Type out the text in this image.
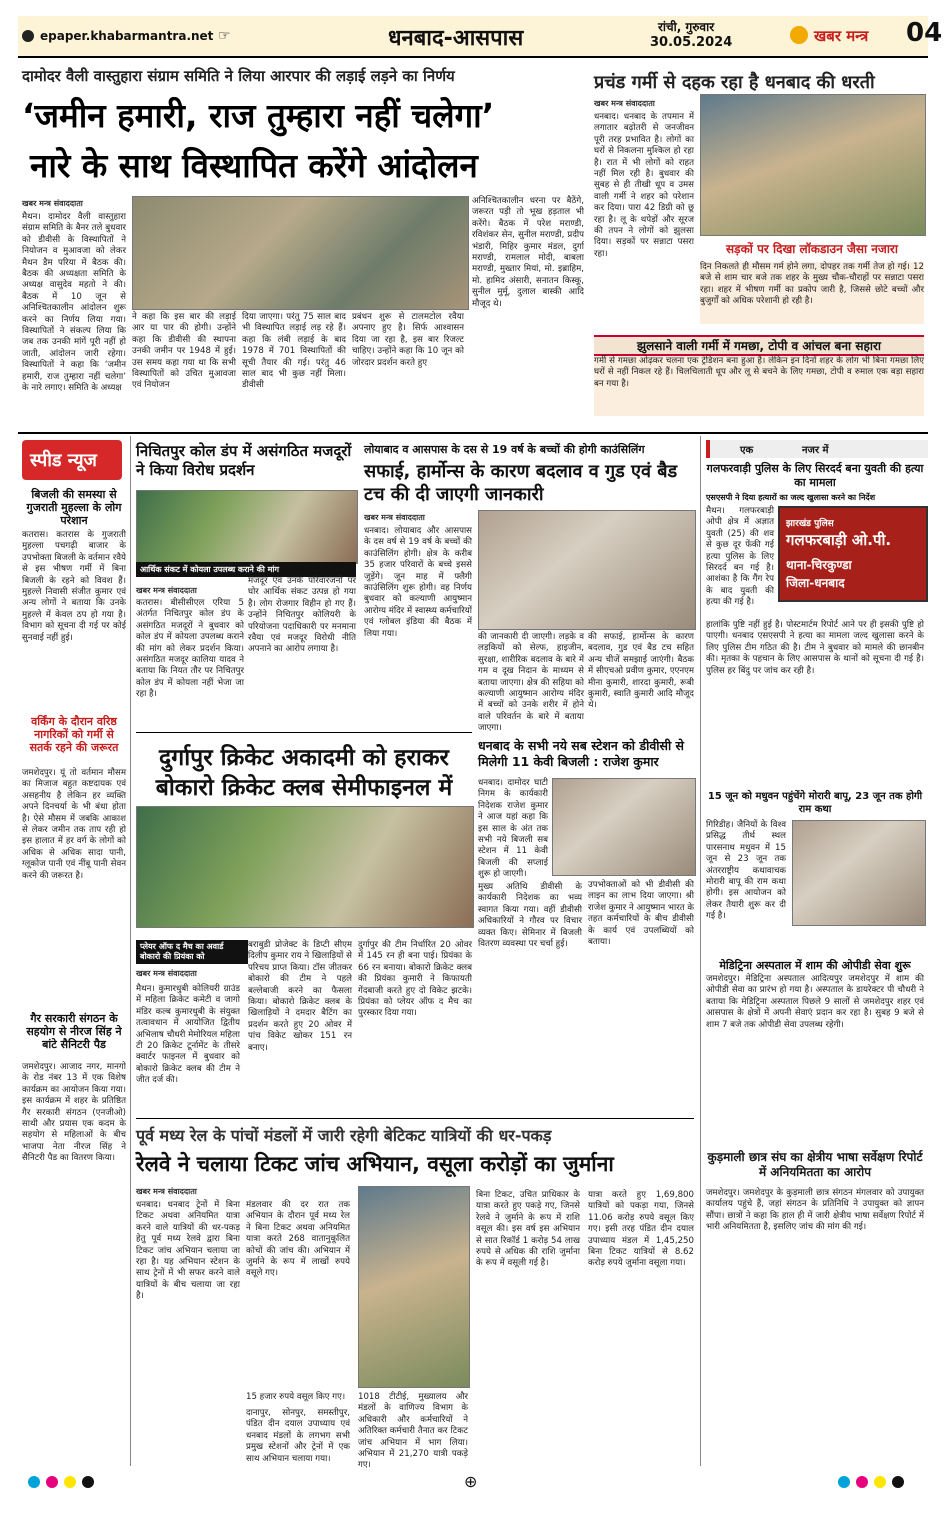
epaper.khabarmantra.net ☞	धनबाद-आसपास	रांची, गुरुवार
30.05.2024	खबर मन्त्र 04
दामोदर वैली वास्तुहारा संग्राम समिति ने लिया आरपार की लड़ाई लड़ने का निर्णय
‘जमीन हमारी, राज तुम्हारा नहीं चलेगा’
नारे के साथ विस्थापित करेंगे आंदोलन
खबर मन्त्र संवाददाता
मैथन। दामोदर वैली वास्तुहारा संग्राम समिति के बैनर तले बुधवार को डीवीसी के विस्थापितों ने नियोजन व मुआवजा को लेकर मैथन डैम परिया में बैठक की। बैठक की अध्यक्षता समिति के अध्यक्ष वासुदेव महतो ने की। बैठक में 10 जून से अनिश्चितकालीन आंदोलन शुरू करने का निर्णय लिया गया। विस्थापितों ने संकल्प लिया कि जब तक उनकी मांगें पूरी नहीं हो जाती, आंदोलन जारी रहेगा। विस्थापितों ने कहा कि ‘जमीन हमारी, राज तुम्हारा नहीं चलेगा’ के नारे लगाए। समिति के अध्यक्ष
ने कहा कि इस बार की लड़ाई आर या पार की होगी। उन्होंने कहा कि डीवीसी की स्थापना उनकी जमीन पर 1948 में हुई। उस समय कहा गया था कि सभी विस्थापितों को उचित मुआवजा एवं नियोजन
दिया जाएगा। परंतु 75 साल बाद भी विस्थापित लड़ाई लड़ रहे हैं। कहा कि लंबी लड़ाई के बाद 1978 में 701 विस्थापितों की सूची तैयार की गई। परंतु 46 साल बाद भी कुछ नहीं मिला। डीवीसी
प्रबंधन शुरू से टालमटोल रवैया अपनाए हुए है। सिर्फ आश्वासन दिया जा रहा है, इस बार रिजल्ट चाहिए। उन्होंने कहा कि 10 जून को जोरदार प्रदर्शन करते हुए
अनिश्चितकालीन धरना पर बैठेंगे, जरूरत पड़ी तो भूख हड़ताल भी करेंगे। बैठक में परेश मराण्डी, रविशंकर सेन, सुनील मराण्डी, प्रदीप भंडारी, मिहिर कुमार मंडल, दुर्गा मराण्डी, रामलाल मोदी, बाबला मराण्डी, मुख्तार मियां, मो. इब्राहिम, मो. हामिद अंसारी, सनातन किस्कू, सुनील मुर्मू, दुलाल बास्की आदि मौजूद थे।
प्रचंड गर्मी से दहक रहा है धनबाद की धरती
खबर मन्त्र संवाददाता
धनबाद। धनबाद के तपमान में लगातार बढ़ोतरी से जनजीवन पूरी तरह प्रभावित है। लोगों का घरों से निकलना मुश्किल हो रहा है। रात में भी लोगों को राहत नहीं मिल रही है। बुधवार की सुबह से ही तीखी धूप व उमस वाली गर्मी ने शहर को परेशान कर दिया। पारा 42 डिग्री को छू रहा है। लू के थपेड़ों और सूरज की तपन ने लोगों को झुलसा दिया। सड़कों पर सन्नाटा पसरा रहा।	सड़कों पर दिखा लॉकडाउन जैसा नजारा
दिन निकलते ही मौसम गर्म होने लगा, दोपहर तक गर्मी तेज हो गई। 12 बजे से शाम चार बजे तक शहर के मुख्य चौक-चौराहों पर सन्नाटा पसरा रहा। शहर में भीषण गर्मी का प्रकोप जारी है, जिससे छोटे बच्चों और बुजुर्गों को अधिक परेशानी हो रही है।
झुलसाने वाली गर्मी में गमछा, टोपी व आंचल बना सहारा
गर्मी से गमछा ओढ़कर चलना एक ट्रेडिशन बना हुआ है। लेकिन इन दिनों शहर के लोग भी बिना गमछा लिए घरों से नहीं निकल रहे हैं। चिलचिलाती धूप और लू से बचने के लिए गमछा, टोपी व रुमाल एक बड़ा सहारा बन गया है।
स्पीड न्यूज
बिजली की समस्या से गुजराती मुहल्ला के लोग परेशान
कतरास। कतरास के गुजराती मुहल्ला पचगढ़ी बाजार के उपभोक्ता बिजली के वर्तमान रवैये से इस भीषण गर्मी में बिना बिजली के रहने को विवश हैं। मुहल्ले निवासी संजीत कुमार एवं अन्य लोगों ने बताया कि उनके मुहल्ले में केवल ठप हो गया है। विभाग को सूचना दी गई पर कोई सुनवाई नहीं हुई।
वर्किंग के दौरान वरिष्ठ नागरिकों को गर्मी से सतर्क रहने की जरूरत
जमशेदपुर। यूं तो वर्तमान मौसम का मिजाज बहुत कष्टदायक एवं असहनीय है लेकिन हर व्यक्ति अपने दिनचर्या के भी बंधा होता है। ऐसे मौसम में जबकि आकाश से लेकर जमीन तक ताप रही हो इस हालात में हर वर्ग के लोगों को अधिक से अधिक सादा पानी, ग्लूकोज पानी एवं नींबू पानी सेवन करने की जरूरत है।
गैर सरकारी संगठन के सहयोग से नीरज सिंह ने बांटे सैनिटरी पैड
जमशेदपुर। आजाद नगर, मानगो के रोड नंबर 13 में एक विशेष कार्यक्रम का आयोजन किया गया। इस कार्यक्रम में शहर के प्रतिष्ठित गैर सरकारी संगठन (एनजीओ) साथी और प्रयास एक कदम के सहयोग से महिलाओं के बीच भाजपा नेता नीरज सिंह ने सैनिटरी पैड का वितरण किया।
निचितपुर कोल डंप में असंगठित मजदूरों ने किया विरोध प्रदर्शन
आर्थिक संकट में कोयला उपलब्ध कराने की मांग
खबर मन्त्र संवाददाता
कतरास। बीसीसीएल एरिया 5 अंतर्गत निचितपुर कोल डंप के असंगठित मजदूरों ने बुधवार को कोल डंप में कोयला उपलब्ध कराने की मांग को लेकर प्रदर्शन किया। असंगठित मजदूर कालिया यादव ने बताया कि नियत तौर पर निचितपुर कोल डंप में कोयला नहीं भेजा जा रहा है।
मजदूर एवं उनके परिवारजनों पर घोर आर्थिक संकट उत्पन्न हो गया है। लोग रोजगार विहीन हो गए हैं। उन्होंने निचितपुर कोलियरी के परियोजना पदाधिकारी पर मनमाना रवैया एवं मजदूर विरोधी नीति अपनाने का आरोप लगाया है।
लोयाबाद व आसपास के दस से 19 वर्ष के बच्चों की होगी काउंसिलिंग
सफाई, हार्मोन्स के कारण बदलाव व गुड एवं बैड टच की दी जाएगी जानकारी
खबर मन्त्र संवाददाता
धनबाद। लोयाबाद और आसपास के दस वर्ष से 19 वर्ष के बच्चों की काउंसिलिंग होगी। क्षेत्र के करीब 35 हजार परिवारों के बच्चे इससे जुड़ेंगे। जून माह में फ्लैगी काउंसिलिंग शुरू होगी। वह निर्णय बुधवार को कल्याणी आयुष्मान आरोग्य मंदिर में स्वास्थ्य कर्मचारियों एवं ग्लोबल इंडिया की बैठक में लिया गया।	की जानकारी दी जाएगी। लड़के व लड़कियों को सेल्फ, हाइजीन, सुरक्षा, शारीरिक बदलाव के बारे में गम व दूख निदान के माध्यम से बताया जाएगा। क्षेत्र की सहिया को कल्याणी आयुष्मान आरोग्य मंदिर में बच्चों को उनके शरीर में होने वाले परिवर्तन के बारे में बताया जाएगा।
की सफाई, हार्मोन्स के कारण बदलाव, गुड एवं बैड टच सहित अन्य चीजें समझाई जाएंगी। बैठक में सीएचओ प्रवीण कुमार, एएनएम मीना कुमारी, शारदा कुमारी, रूबी कुमारी, स्वाति कुमारी आदि मौजूद थे।
एक	नजर में
गलफरवाड़ी पुलिस के लिए सिरदर्द बना युवती की हत्या का मामला
एसएसपी ने दिया हत्यारों का जल्द खुलासा करने का निर्देश
मैथन। गलफरबाड़ी ओपी क्षेत्र में अज्ञात युवती (25) की शव से कुछ दूर फेंकी गई हत्या पुलिस के लिए सिरदर्द बन गई है। आशंका है कि गैंग रेप के बाद युवती की हत्या की गई है।
झारखंड पुलिस
गलफरबाड़ी ओ.पी.
थाना-चिरकुण्डा
जिला-धनबाद
हालांकि पुष्टि नहीं हुई है। पोस्टमार्टम रिपोर्ट आने पर ही इसकी पुष्टि हो पाएगी। धनबाद एसएसपी ने हत्या का मामला जल्द खुलासा करने के लिए पुलिस टीम गठित की है। टीम ने बुधवार को मामले की छानबीन की। मृतका के पहचान के लिए आसपास के थानों को सूचना दी गई है। पुलिस हर बिंदु पर जांच कर रही है।
15 जून को मधुवन पहुंचेंगे मोरारी बापू, 23 जून तक होगी राम कथा
गिरिडीह। जैनियों के विश्व प्रसिद्ध तीर्थ स्थल पारसनाथ मधुवन में 15 जून से 23 जून तक अंतरराष्ट्रीय कथावाचक मोरारी बापू की राम कथा होगी। इस आयोजन को लेकर तैयारी शुरू कर दी गई है।
मेडिट्रिना अस्पताल में शाम की ओपीडी सेवा शुरू
जमशेदपुर। मेडिट्रिना अस्पताल आदित्यपुर जमशेदपुर में शाम की ओपीडी सेवा का प्रारंभ हो गया है। अस्पताल के डायरेक्टर पी चौधरी ने बताया कि मेडिट्रिना अस्पताल पिछले 9 सालों से जमशेदपुर शहर एवं आसपास के क्षेत्रों में अपनी सेवाएं प्रदान कर रहा है। सुबह 9 बजे से शाम 7 बजे तक ओपीडी सेवा उपलब्ध रहेगी।
कुड़माली छात्र संघ का क्षेत्रीय भाषा सर्वेक्षण रिपोर्ट में अनियमितता का आरोप
जमशेदपुर। जमशेदपुर के कुड़माली छात्र संगठन मंगलवार को उपायुक्त कार्यालय पहुंचे हैं, जहां संगठन के प्रतिनिधि ने उपायुक्त को ज्ञापन सौंपा। छात्रों ने कहा कि हाल ही में जारी क्षेत्रीय भाषा सर्वेक्षण रिपोर्ट में भारी अनियमितता है, इसलिए जांच की मांग की गई।
दुर्गापुर क्रिकेट अकादमी को हराकर
बोकारो क्रिकेट क्लब सेमीफाइनल में
प्लेयर ऑफ द मैच का अवार्ड बोकारो की प्रियंका को
खबर मन्त्र संवाददाता
मैथन। कुमारधुबी कोलियरी ग्राउंड में महिला क्रिकेट कमेटी व जागो मंडिर कल्ब कुमारधुबी के संयुक्त तत्वावधान में आयोजित द्वितीय अभिलाष चौधरी मेमोरियल महिला टी 20 क्रिकेट टूर्नामेंट के तीसरे क्वार्टर फाइनल में बुधवार को बोकारो क्रिकेट क्लब की टीम ने जीत दर्ज की।
बराबुडी प्रोजेक्ट के डिप्टी सीएम दिलीप कुमार राय ने खिलाड़ियों से परिचय प्राप्त किया। टॉस जीतकर बोकारो की टीम ने पहले बल्लेबाजी करने का फैसला किया। बोकारो क्रिकेट क्लब के खिलाड़ियों ने दमदार बैटिंग का प्रदर्शन करते हुए 20 ओवर में पांच विकेट खोकर 151 रन बनाए।
दुर्गापुर की टीम निर्धारित 20 ओवर में 145 रन ही बना पाई। प्रियंका के 66 रन बनाया। बोकारो क्रिकेट क्लब की प्रियंका कुमारी ने किफायती गेंदबाजी करते हुए दो विकेट झटके। प्रियंका को प्लेयर ऑफ द मैच का पुरस्कार दिया गया।
धनबाद के सभी नये सब स्टेशन को डीवीसी से मिलेगी 11 केवी बिजली : राजेश कुमार
धनबाद। दामोदर घाटी निगम के कार्यकारी निदेशक राजेश कुमार ने आज यहां कहा कि इस साल के अंत तक सभी नये बिजली सब स्टेशन में 11 केवी बिजली की सप्लाई शुरू हो जाएगी।
उपभोक्ताओं को भी डीवीसी की लाइन का लाभ दिया जाएगा। श्री राजेश कुमार ने आयुष्मान भारत के तहत कर्मचारियों के बीच डीवीसी के कार्य एवं उपलब्धियों को बताया।
मुख्य अतिथि डीवीसी के कार्यकारी निदेशक का भव्य स्वागत किया गया। वहीं डीवीसी अधिकारियों ने गौरव पर विचार व्यक्त किए। सेमिनार में बिजली वितरण व्यवस्था पर चर्चा हुई।
पूर्व मध्य रेल के पांचों मंडलों में जारी रहेगी बेटिकट यात्रियों की धर-पकड़
रेलवे ने चलाया टिकट जांच अभियान, वसूला करोड़ों का जुर्माना
खबर मन्त्र संवाददाता
धनबाद। धनबाद ट्रेनों में बिना टिकट अथवा अनियमित यात्रा करने वाले यात्रियों की धर-पकड़ हेतु पूर्व मध्य रेलवे द्वारा बिना टिकट जांच अभियान चलाया जा रहा है। यह अभियान स्टेशन के साथ ट्रेनों में भी सफर करने वाले यात्रियों के बीच चलाया जा रहा है।
मंडलवार की दर रात तक अभियान के दौरान पूर्व मध्य रेल ने बिना टिकट अथवा अनियमित यात्रा करते 268 वातानुकूलित कोचों की जांच की। अभियान में जुर्माने के रूप में लाखों रुपये वसूले गए।
बिना टिकट, उचित प्राधिकार के यात्रा करते हुए पकड़े गए, जिनसे रेलवे ने जुर्माने के रूप में राशि वसूल की। इस वर्ष इस अभियान से सात रिकॉर्ड 1 करोड़ 54 लाख रुपये से अधिक की राशि जुर्माना के रूप में वसूली गई है।
यात्रा करते हुए 1,69,800 यात्रियों को पकड़ा गया, जिनसे 11.06 करोड़ रुपये वसूल किए गए। इसी तरह पंडित दीन दयाल उपाध्याय मंडल में 1,45,250 बिना टिकट यात्रियों से 8.62 करोड़ रुपये जुर्माना वसूला गया।
15 हजार रुपये वसूल किए गए।
दानापुर, सोनपुर, समस्तीपुर, पंडित दीन दयाल उपाध्याय एवं धनबाद मंडलों के लगभग सभी प्रमुख स्टेशनों और ट्रेनों में एक साथ अभियान चलाया गया।
1018 टीटीई, मुख्यालय और मंडलों के वाणिज्य विभाग के अधिकारी और कर्मचारियों ने अतिरिक्त कर्मचारी तैनात कर टिकट जांच अभियान में भाग लिया। अभियान में 21,270 यात्री पकड़े गए।
⊕
